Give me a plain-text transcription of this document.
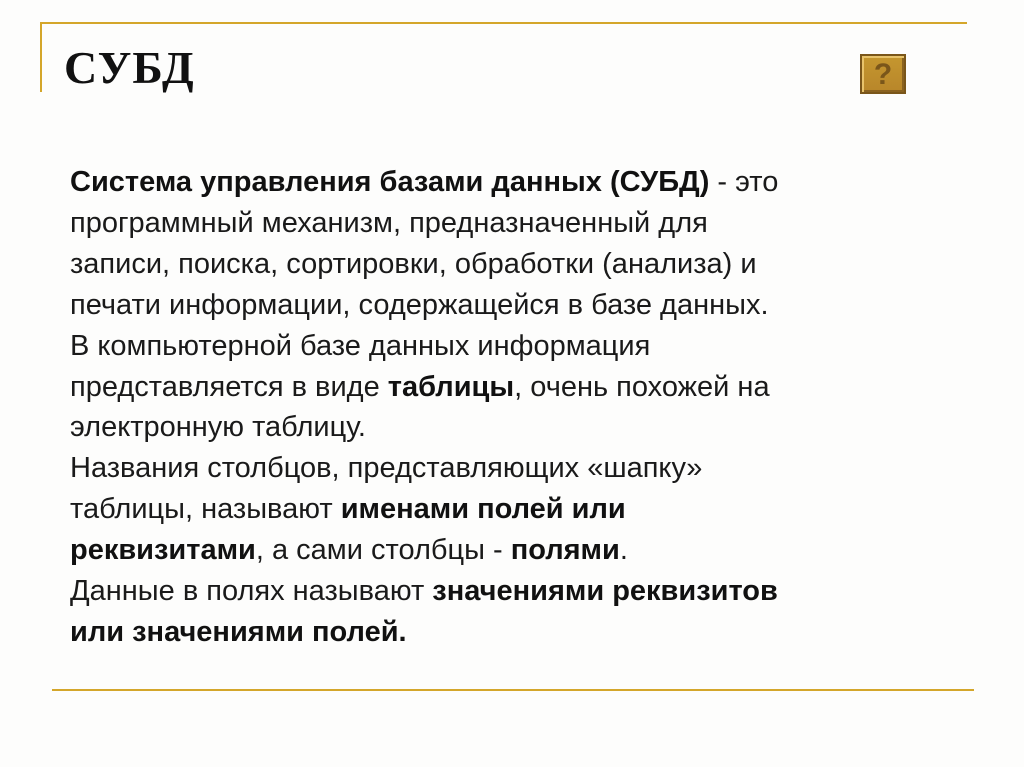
СУБД	?
Система управления базами данных (СУБД) - это
программный механизм, предназначенный для
записи, поиска, сортировки, обработки (анализа) и
печати информации, содержащейся в базе данных.
В компьютерной базе данных информация
представляется в виде таблицы, очень похожей на
электронную таблицу.
Названия столбцов, представляющих «шапку»
таблицы, называют именами полей или
реквизитами, а сами столбцы - полями.
Данные в полях называют значениями реквизитов
или значениями полей.
